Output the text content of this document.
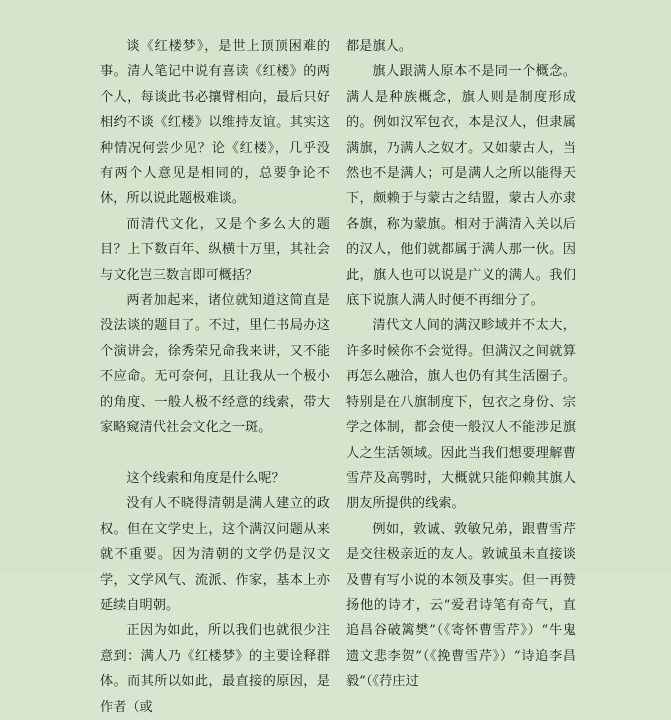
谈《红楼梦》，是世上顶顶困难的事。清人笔记中说有喜读《红楼》的两个人，每谈此书必攘臂相向，最后只好相约不谈《红楼》以维持友谊。其实这种情况何尝少见？论《红楼》，几乎没有两个人意见是相同的，总要争论不休，所以说此题极难谈。

而清代文化，又是个多么大的题目？上下数百年、纵横十万里，其社会与文化岂三数言即可概括？

两者加起来，诸位就知道这简直是没法谈的题目了。不过，里仁书局办这个演讲会，徐秀荣兄命我来讲，又不能不应命。无可奈何，且让我从一个极小的角度、一般人极不经意的线索，带大家略窥清代社会文化之一斑。

这个线索和角度是什么呢？

没有人不晓得清朝是满人建立的政权。但在文学史上，这个满汉问题从来就不重要。因为清朝的文学仍是汉文学，文学风气、流派、作家，基本上亦延续自明朝。

正因为如此，所以我们也就很少注意到：满人乃《红楼梦》的主要诠释群体。而其所以如此，最直接的原因，是作者（或

都是旗人。

旗人跟满人原本不是同一个概念。满人是种族概念，旗人则是制度形成的。例如汉军包衣，本是汉人，但隶属满旗，乃满人之奴才。又如蒙古人，当然也不是满人；可是满人之所以能得天下，颇赖于与蒙古之结盟，蒙古人亦隶各旗，称为蒙旗。相对于满清入关以后的汉人，他们就都属于满人那一伙。因此，旗人也可以说是广义的满人。我们底下说旗人满人时便不再细分了。

清代文人间的满汉畛域并不太大，许多时候你不会觉得。但满汉之间就算再怎么融洽，旗人也仍有其生活圈子。特别是在八旗制度下，包衣之身份、宗学之体制，都会使一般汉人不能涉足旗人之生活领域。因此当我们想要理解曹雪芹及高鹗时，大概就只能仰赖其旗人朋友所提供的线索。

例如，敦诚、敦敏兄弟，跟曹雪芹是交往极亲近的友人。敦诚虽未直接谈及曹有写小说的本领及事实。但一再赞扬他的诗才，云“爱君诗笔有奇气，直追昌谷破篱樊”（《寄怀曹雪芹》）“牛鬼遗文悲李贺”（《挽曹雪芹》）“诗追李昌毅”（《荇庄过
